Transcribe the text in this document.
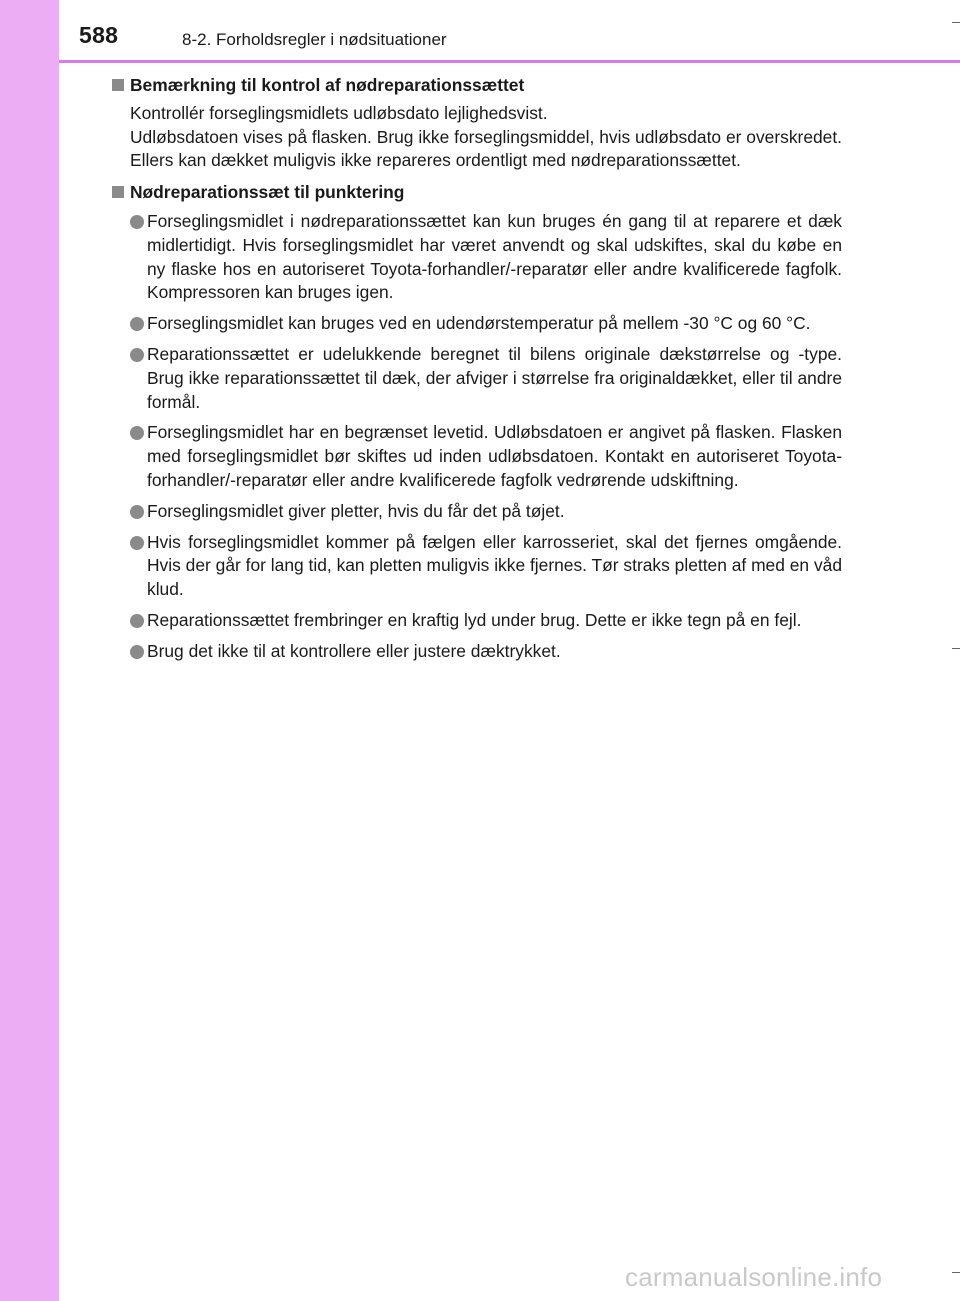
588	8-2. Forholdsregler i nødsituationer
Bemærkning til kontrol af nødreparationssættet

Kontrollér forseglingsmidlets udløbsdato lejlighedsvist.

Udløbsdatoen vises på flasken. Brug ikke forseglingsmiddel, hvis udløbsdato er overskredet. Ellers kan dækket muligvis ikke repareres ordentligt med nødreparationssættet.

Nødreparationssæt til punktering
Forseglingsmidlet i nødreparationssættet kan kun bruges én gang til at reparere et dæk midlertidigt. Hvis forseglingsmidlet har været anvendt og skal udskiftes, skal du købe en ny flaske hos en autoriseret Toyota-forhandler/-reparatør eller andre kvalificerede fagfolk. Kompressoren kan bruges igen.
Forseglingsmidlet kan bruges ved en udendørstemperatur på mellem -30 °C og 60 °C.
Reparationssættet er udelukkende beregnet til bilens originale dækstørrelse og -type. Brug ikke reparationssættet til dæk, der afviger i størrelse fra originaldækket, eller til andre formål.
Forseglingsmidlet har en begrænset levetid. Udløbsdatoen er angivet på flasken. Flasken med forseglingsmidlet bør skiftes ud inden udløbsdatoen. Kontakt en autoriseret Toyota-forhandler/-reparatør eller andre kvalificerede fagfolk vedrørende udskiftning.
Forseglingsmidlet giver pletter, hvis du får det på tøjet.
Hvis forseglingsmidlet kommer på fælgen eller karrosseriet, skal det fjernes omgående. Hvis der går for lang tid, kan pletten muligvis ikke fjernes. Tør straks pletten af med en våd klud.
Reparationssættet frembringer en kraftig lyd under brug. Dette er ikke tegn på en fejl.
Brug det ikke til at kontrollere eller justere dæktrykket.
carmanualsonline.info
